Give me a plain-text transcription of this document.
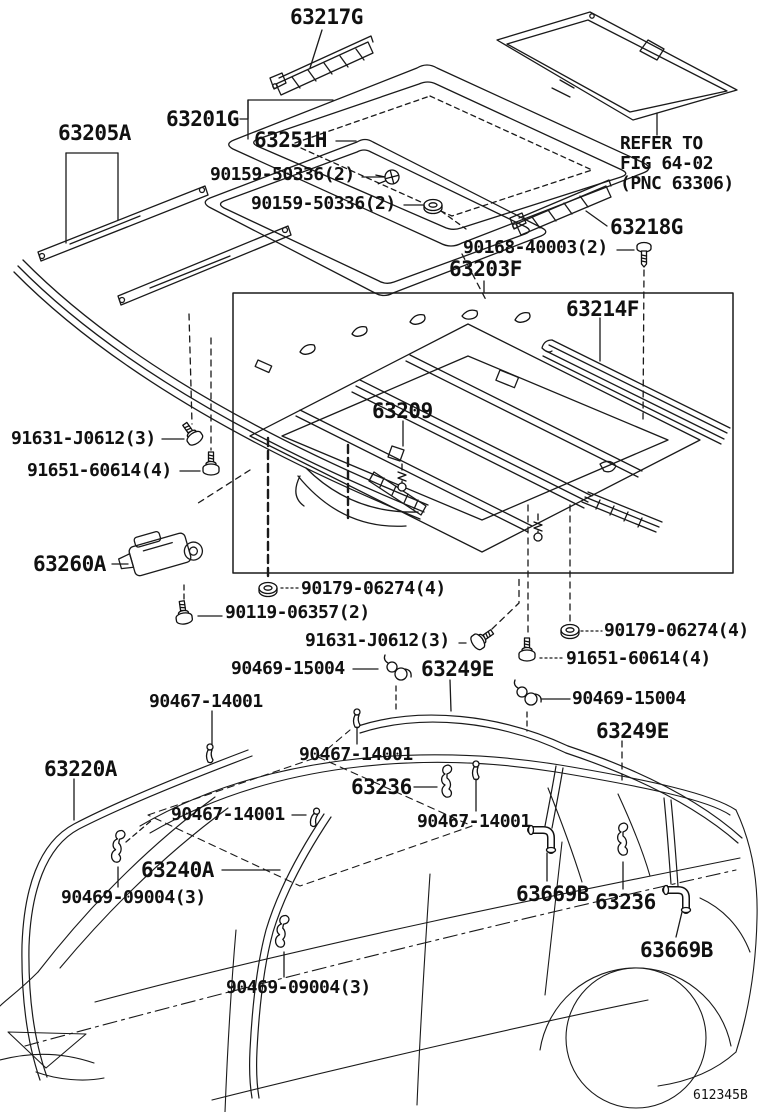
63217G
63201G
63251H
63205A
90159-50336(2)
90159-50336(2)
REFER TO
FIG 64-02
(PNC 63306)
63218G
90168-40003(2)
63203F
63214F
63209
91631-J0612(3)
91651-60614(4)
63260A
90179-06274(4)
90119-06357(2)
91631-J0612(3)	90179-06274(4)
91651-60614(4)
90469-15004	63249E
90469-15004
63249E
90467-14001
90467-14001
63220A
90467-14001
63236
90467-14001
63240A
90469-09004(3)	63669B 63236
63669B
90469-09004(3)
612345B
